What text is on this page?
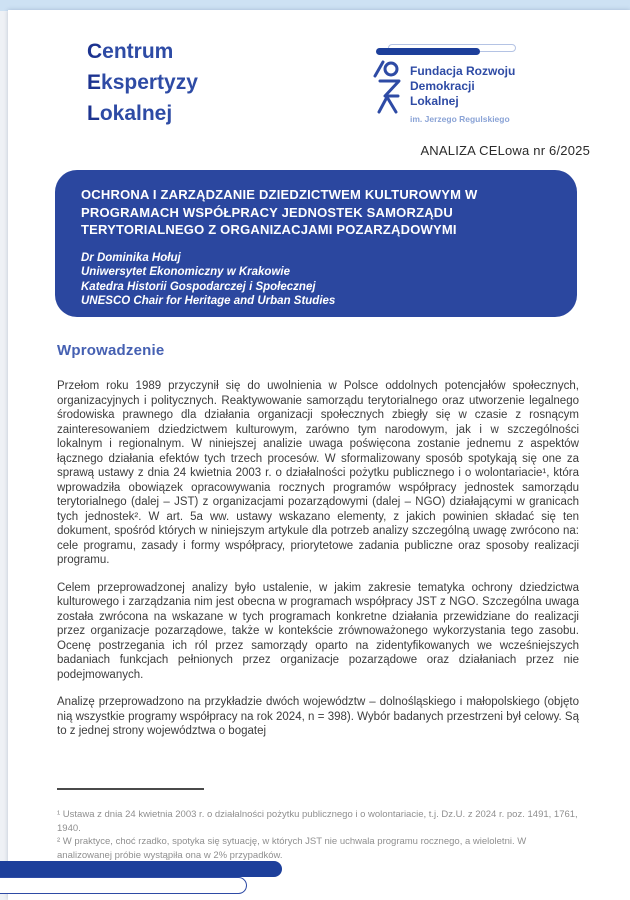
Centrum
Ekspertyzy
Lokalnej
Fundacja Rozwoju
Demokracji Lokalnej
im. Jerzego Regulskiego
ANALIZA CELowa nr 6/2025
OCHRONA I ZARZĄDZANIE DZIEDZICTWEM KULTUROWYM W PROGRAMACH WSPÓŁPRACY JEDNOSTEK SAMORZĄDU TERYTORIALNEGO Z ORGANIZACJAMI POZARZĄDOWYMI
Dr Dominika Hołuj
Uniwersytet Ekonomiczny w Krakowie
Katedra Historii Gospodarczej i Społecznej
UNESCO Chair for Heritage and Urban Studies
Wprowadzenie

Przełom roku 1989 przyczynił się do uwolnienia w Polsce oddolnych potencjałów społecznych, organizacyjnych i politycznych. Reaktywowanie samorządu terytorialnego oraz utworzenie legalnego środowiska prawnego dla działania organizacji społecznych zbiegły się w czasie z rosnącym zainteresowaniem dziedzictwem kulturowym, zarówno tym narodowym, jak i w szczególności lokalnym i regionalnym. W niniejszej analizie uwaga poświęcona zostanie jednemu z aspektów łącznego działania efektów tych trzech procesów. W sformalizowany sposób spotykają się one za sprawą ustawy z dnia 24 kwietnia 2003 r. o działalności pożytku publicznego i o wolontariacie¹, która wprowadziła obowiązek opracowywania rocznych programów współpracy jednostek samorządu terytorialnego (dalej – JST) z organizacjami pozarządowymi (dalej – NGO) działającymi w granicach tych jednostek². W art. 5a ww. ustawy wskazano elementy, z jakich powinien składać się ten dokument, spośród których w niniejszym artykule dla potrzeb analizy szczególną uwagę zwrócono na: cele programu, zasady i formy współpracy, priorytetowe zadania publiczne oraz sposoby realizacji programu.

Celem przeprowadzonej analizy było ustalenie, w jakim zakresie tematyka ochrony dziedzictwa kulturowego i zarządzania nim jest obecna w programach współpracy JST z NGO. Szczególna uwaga została zwrócona na wskazane w tych programach konkretne działania przewidziane do realizacji przez organizacje pozarządowe, także w kontekście zrównoważonego wykorzystania tego zasobu. Ocenę postrzegania ich ról przez samorządy oparto na zidentyfikowanych we wcześniejszych badaniach funkcjach pełnionych przez organizacje pozarządowe oraz działaniach przez nie podejmowanych.

Analizę przeprowadzono na przykładzie dwóch województw – dolnośląskiego i małopolskiego (objęto nią wszystkie programy współpracy na rok 2024, n = 398). Wybór badanych przestrzeni był celowy. Są to z jednej strony województwa o bogatej

¹ Ustawa z dnia 24 kwietnia 2003 r. o działalności pożytku publicznego i o wolontariacie, t.j. Dz.U. z 2024 r. poz. 1491, 1761, 1940.
² W praktyce, choć rzadko, spotyka się sytuację, w których JST nie uchwala programu rocznego, a wieloletni. W analizowanej próbie wystąpiła ona w 2% przypadków.
